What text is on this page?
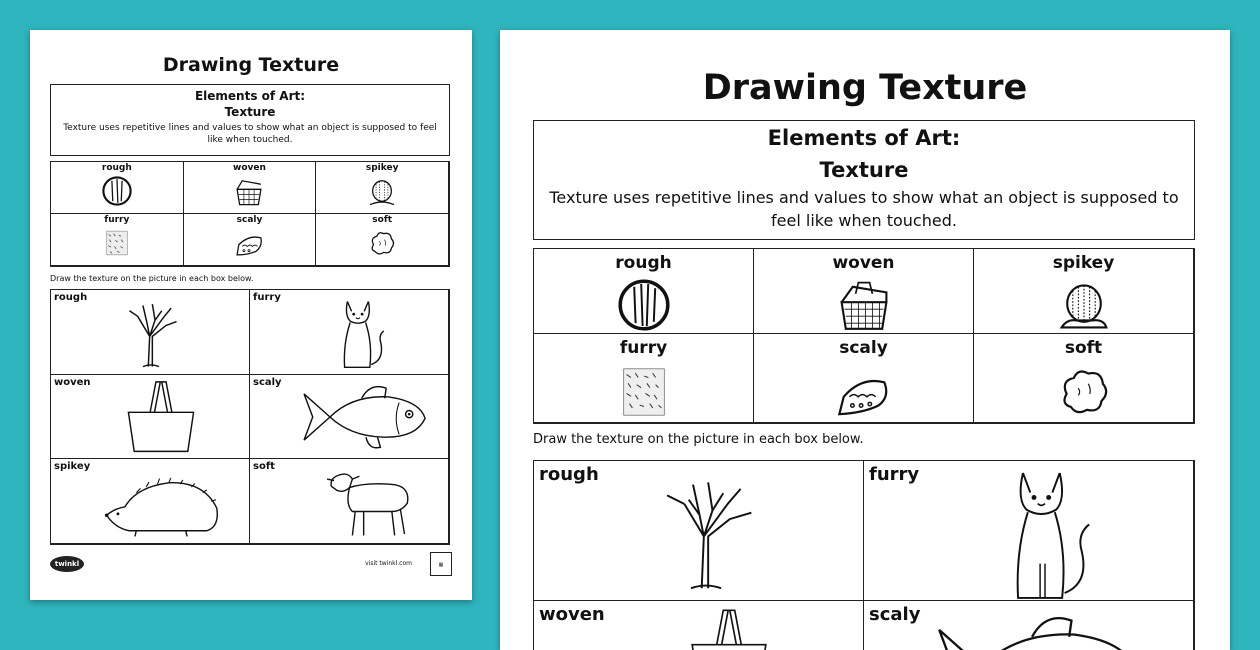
Drawing Texture
Elements of Art:
Texture
Texture uses repetitive lines and values to show what an object is supposed to feel like when touched.
rough	woven	spikey
furry	scaly	soft
Draw the texture on the picture in each box below.
rough	furry
woven	scaly
spikey	soft
twinkl	visit twinkl.com	▦
Drawing Texture
Elements of Art:
Texture
Texture uses repetitive lines and values to show what an object is supposed to feel like when touched.
rough	woven	spikey
furry	scaly	soft
Draw the texture on the picture in each box below.
rough	furry
woven	scaly
